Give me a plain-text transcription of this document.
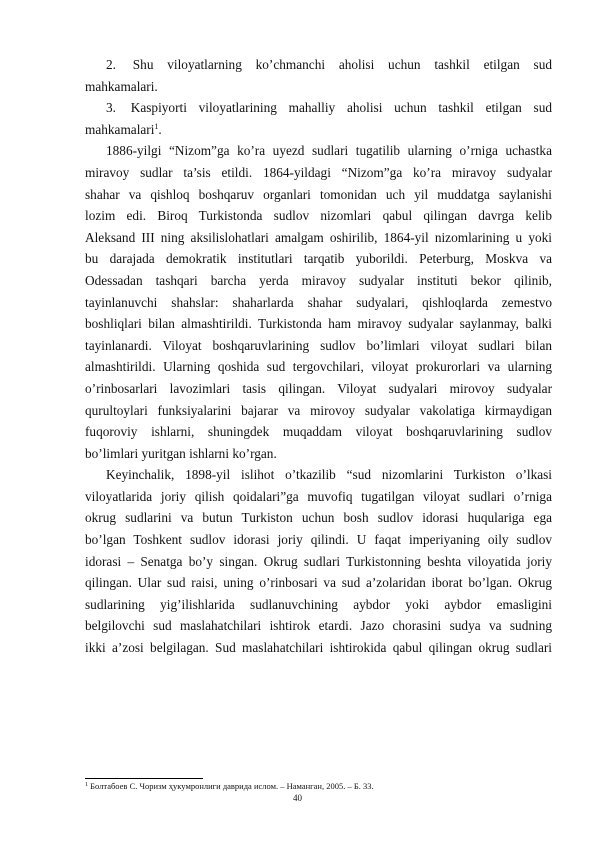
2. Shu viloyatlarning ko’chmanchi aholisi uchun tashkil etilgan sud
mahkamalari.
3. Kaspiyorti viloyatlarining mahalliy aholisi uchun tashkil etilgan sud
mahkamalari$^1$.
1886-yilgi “Nizom”ga ko’ra uyezd sudlari tugatilib ularning o’rniga uchastka
miravoy sudlar ta’sis etildi. 1864-yildagi “Nizom”ga ko’ra miravoy sudyalar
shahar va qishloq boshqaruv organlari tomonidan uch yil muddatga saylanishi
lozim edi. Biroq Turkistonda sudlov nizomlari qabul qilingan davrga kelib
Aleksand III ning aksilislohatlari amalgam oshirilib, 1864-yil nizomlarining u yoki
bu darajada demokratik institutlari tarqatib yuborildi. Peterburg, Moskva va
Odessadan tashqari barcha yerda miravoy sudyalar instituti bekor qilinib,
tayinlanuvchi shahslar: shaharlarda shahar sudyalari, qishloqlarda zemestvo
boshliqlari bilan almashtirildi. Turkistonda ham miravoy sudyalar saylanmay, balki
tayinlanardi. Viloyat boshqaruvlarining sudlov bo’limlari viloyat sudlari bilan
almashtirildi. Ularning qoshida sud tergovchilari, viloyat prokurorlari va ularning
o’rinbosarlari lavozimlari tasis qilingan. Viloyat sudyalari mirovoy sudyalar
qurultoylari funksiyalarini bajarar va mirovoy sudyalar vakolatiga kirmaydigan
fuqoroviy ishlarni, shuningdek muqaddam viloyat boshqaruvlarining sudlov
bo’limlari yuritgan ishlarni ko’rgan.
Keyinchalik, 1898-yil islihot o’tkazilib “sud nizomlarini Turkiston o’lkasi
viloyatlarida joriy qilish qoidalari”ga muvofiq tugatilgan viloyat sudlari o’rniga
okrug sudlarini va butun Turkiston uchun bosh sudlov idorasi huqulariga ega
bo’lgan Toshkent sudlov idorasi joriy qilindi. U faqat imperiyaning oily sudlov
idorasi – Senatga bo’y singan. Okrug sudlari Turkistonning beshta viloyatida joriy
qilingan. Ular sud raisi, uning o’rinbosari va sud a’zolaridan iborat bo’lgan. Okrug
sudlarining yig’ilishlarida sudlanuvchining aybdor yoki aybdor emasligini
belgilovchi sud maslahatchilari ishtirok etardi. Jazo chorasini sudya va sudning
ikki a’zosi belgilagan. Sud maslahatchilari ishtirokida qabul qilingan okrug sudlari
$^1$ Болтабоев С. Чоризм ҳукумронлиги даврида ислом. – Наманган, 2005. – Б. 33.
40
